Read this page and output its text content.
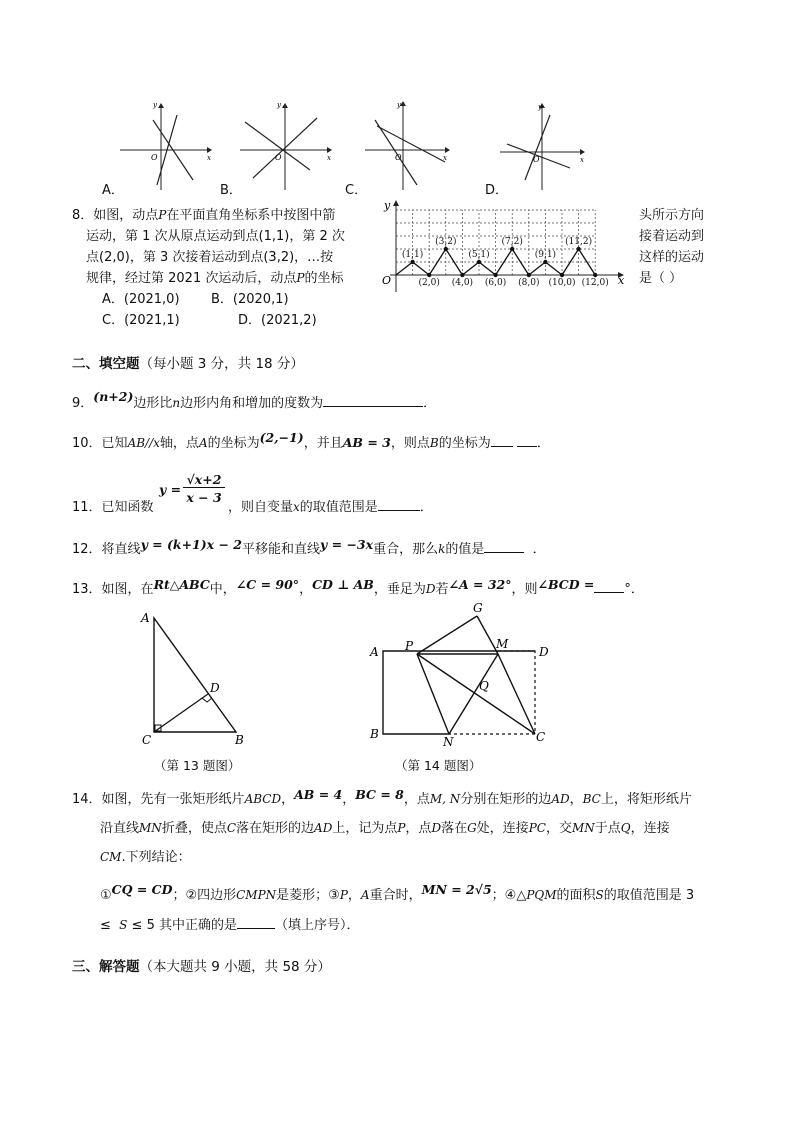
y
x
O
y
x
O
y
x
O
y
x
O
A．	B．	C．	D．
8．如图，动点P在平面直角坐标系中按图中箭	头所示方向
运动，第 1 次从原点运动到点(1,1)，第 2 次	接着运动到
点(2,0)，第 3 次接着运动到点(3,2)，…按	这样的运动
规律，经过第 2021 次运动后，动点P的坐标	是（ ）
A．(2021,0) B．(2020,1)
C．(2021,1)	D．(2021,2)
O	x
y
(1,1)
(3,2)
(5,1)
(7,2)
(9,1)
(11,2)
(2,0) (4,0) (6,0) (8,0) (10,0) (12,0)
二、填空题（每小题 3 分，共 18 分）
9．(n+2)边形比n边形内角和增加的度数为	．
10．已知AB//x轴，点A的坐标为(2,−1)，并且AB = 3，则点B的坐标为	．
11．已知函数
y =
√x+2
x − 3
，则自变量x的取值范围是	．
12．将直线y = (k+1)x − 2平移能和直线y = −3x重合，那么k的值是	．
13．如图，在Rt△ABC中，∠C = 90°，CD ⊥ AB，垂足为D若∠A = 32°，则∠BCD = °．
A
D
C	B
（第 13 题图）
G
P	M
A	D
Q
B
N	C
（第 14 题图）
14．如图，先有一张矩形纸片ABCD，AB = 4，BC = 8，点M, N分别在矩形的边AD，BC上，将矩形纸片
沿直线MN折叠，使点C落在矩形的边AD上，记为点P，点D落在G处，连接PC，交MN于点Q，连接
CM.下列结论：
①CQ = CD；②四边形CMPN是菱形；③P，A重合时，MN = 2√5；④△PQM的面积S的取值范围是 3
≤ S ≤ 5 其中正确的是	（填上序号）．
三、解答题（本大题共 9 小题，共 58 分）
